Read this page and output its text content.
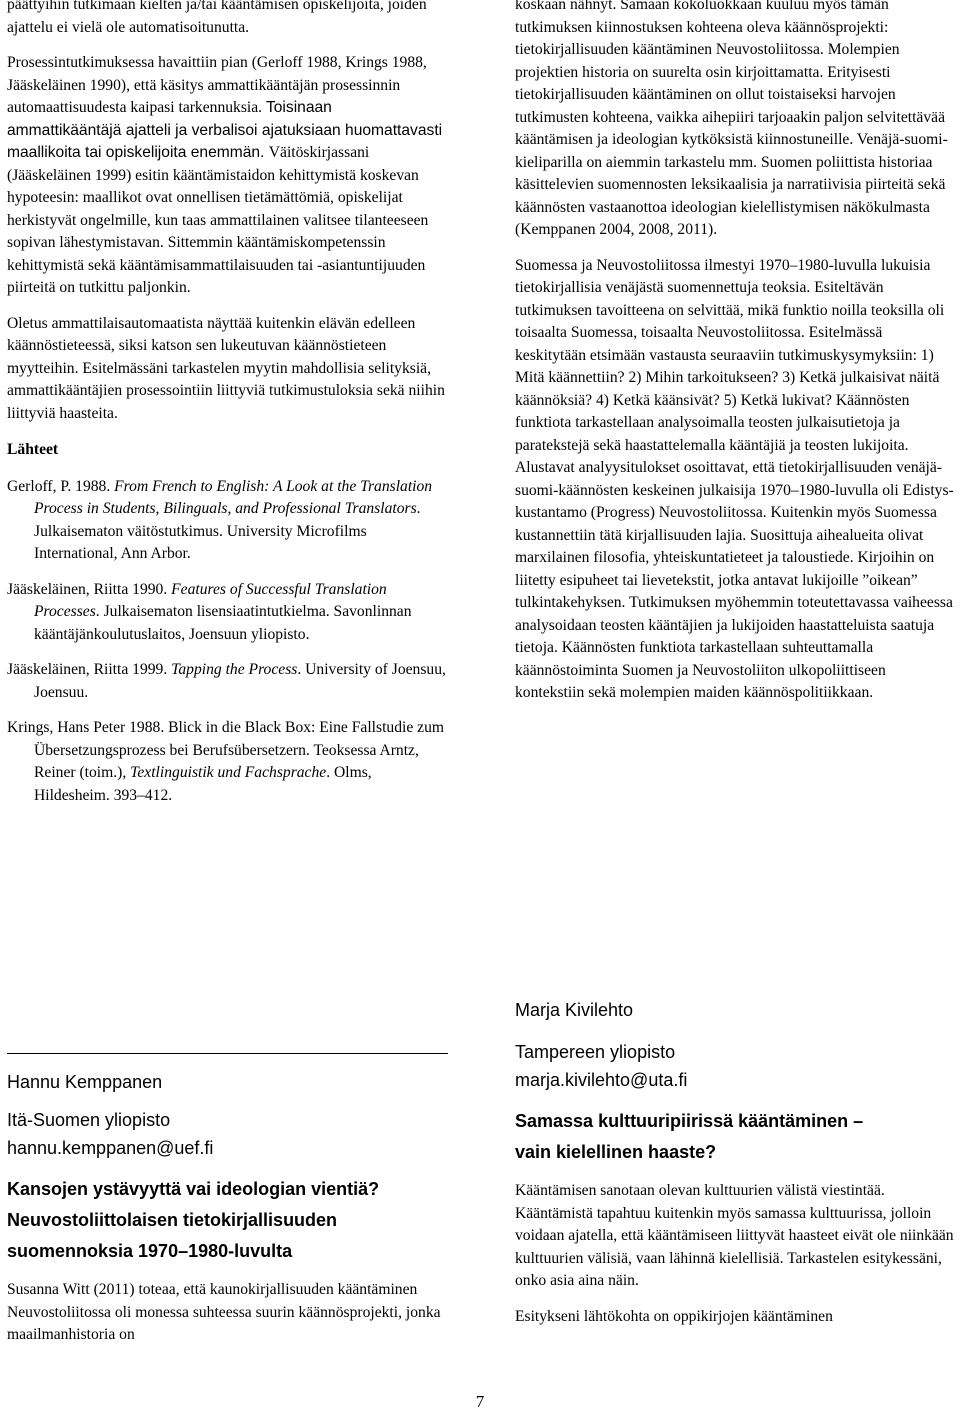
päättyihin tutkimaan kielten ja/tai kääntämisen opiskelijoita, joiden ajattelu ei vielä ole automatisoitunutta.

Prosessintutkimuksessa havaittiin pian (Gerloff 1988, Krings 1988, Jääskeläinen 1990), että käsitys ammattikääntäjän prosessinnin automaattisuudesta kaipasi tarkennuksia. Toisinaan ammattikääntäjä ajatteli ja verbalisoi ajatuksiaan huomattavasti maallikoita tai opiskelijoita enemmän. Väitöskirjassani (Jääskeläinen 1999) esitin kääntämistaidon kehittymistä koskevan hypoteesin: maallikot ovat onnellisen tietämättömiä, opiskelijat herkistyvät ongelmille, kun taas ammattilainen valitsee tilanteeseen sopivan lähestymistavan. Sittemmin kääntämiskompetenssin kehittymistä sekä kääntämisammattilaisuuden tai -asiantuntijuuden piirteitä on tutkittu paljonkin.

Oletus ammattilaisautomaatista näyttää kuitenkin elävän edelleen käännöstieteessä, siksi katson sen lukeutuvan käännöstieteen myytteihin. Esitelmässäni tarkastelen myytin mahdollisia selityksiä, ammattikääntäjien prosessointiin liittyviä tutkimustuloksia sekä niihin liittyviä haasteita.

Lähteet

Gerloff, P. 1988. From French to English: A Look at the Translation Process in Students, Bilinguals, and Professional Translators. Julkaisematon väitöstutkimus. University Microfilms International, Ann Arbor.

Jääskeläinen, Riitta 1990. Features of Successful Translation Processes. Julkaisematon lisensiaatintutkielma. Savonlinnan kääntäjänkoulutuslaitos, Joensuun yliopisto.

Jääskeläinen, Riitta 1999. Tapping the Process. University of Joensuu, Joensuu.

Krings, Hans Peter 1988. Blick in die Black Box: Eine Fallstudie zum Übersetzungsprozess bei Berufsübersetzern. Teoksessa Arntz, Reiner (toim.), Textlinguistik und Fachsprache. Olms, Hildesheim. 393–412.

Hannu Kemppanen

Itä-Suomen yliopisto

hannu.kemppanen@uef.fi

Kansojen ystävyyttä vai ideologian vientiä?

Neuvostoliittolaisen tietokirjallisuuden

suomennoksia 1970–1980-luvulta

Susanna Witt (2011) toteaa, että kaunokirjallisuuden kääntäminen Neuvostoliitossa oli monessa suhteessa suurin käännösprojekti, jonka maailmanhistoria on

koskaan nähnyt. Samaan kokoluokkaan kuuluu myös tämän tutkimuksen kiinnostuksen kohteena oleva käännösprojekti: tietokirjallisuuden kääntäminen Neuvostoliitossa. Molempien projektien historia on suurelta osin kirjoittamatta. Erityisesti tietokirjallisuuden kääntäminen on ollut toistaiseksi harvojen tutkimusten kohteena, vaikka aihepiiri tarjoaakin paljon selvitettävää kääntämisen ja ideologian kytköksistä kiinnostuneille. Venäjä-suomi-kieliparilla on aiemmin tarkastelu mm. Suomen poliittista historiaa käsittelevien suomennosten leksikaalisia ja narratiivisia piirteitä sekä käännösten vastaanottoa ideologian kielellistymisen näkökulmasta (Kemppanen 2004, 2008, 2011).

Suomessa ja Neuvostoliitossa ilmestyi 1970–1980-luvulla lukuisia tietokirjallisia venäjästä suomennettuja teoksia. Esiteltävän tutkimuksen tavoitteena on selvittää, mikä funktio noilla teoksilla oli toisaalta Suomessa, toisaalta Neuvostoliitossa. Esitelmässä keskitytään etsimään vastausta seuraaviin tutkimuskysymyksiin: 1) Mitä käännettiin? 2) Mihin tarkoitukseen? 3) Ketkä julkaisivat näitä käännöksiä? 4) Ketkä käänsivät? 5) Ketkä lukivat? Käännösten funktiota tarkastellaan analysoimalla teosten julkaisutietoja ja paratekstejä sekä haastattelemalla kääntäjiä ja teosten lukijoita. Alustavat analyysitulokset osoittavat, että tietokirjallisuuden venäjä-suomi-käännösten keskeinen julkaisija 1970–1980-luvulla oli Edistys-kustantamo (Progress) Neuvostoliitossa. Kuitenkin myös Suomessa kustannettiin tätä kirjallisuuden lajia. Suosittuja aihealueita olivat marxilainen filosofia, yhteiskuntatieteet ja taloustiede. Kirjoihin on liitetty esipuheet tai lievetekstit, jotka antavat lukijoille ”oikean” tulkintakehyksen. Tutkimuksen myöhemmin toteutettavassa vaiheessa analysoidaan teosten kääntäjien ja lukijoiden haastatteluista saatuja tietoja. Käännösten funktiota tarkastellaan suhteuttamalla käännöstoiminta Suomen ja Neuvostoliiton ulkopoliittiseen kontekstiin sekä molempien maiden käännöspolitiikkaan.

Marja Kivilehto

Tampereen yliopisto

marja.kivilehto@uta.fi

Samassa kulttuuripiirissä kääntäminen –

vain kielellinen haaste?

Kääntämisen sanotaan olevan kulttuurien välistä viestintää. Kääntämistä tapahtuu kuitenkin myös samassa kulttuurissa, jolloin voidaan ajatella, että kääntämiseen liittyvät haasteet eivät ole niinkään kulttuurien välisiä, vaan lähinnä kielellisiä. Tarkastelen esitykessäni, onko asia aina näin.

Esitykseni lähtökohta on oppikirjojen kääntäminen

7
